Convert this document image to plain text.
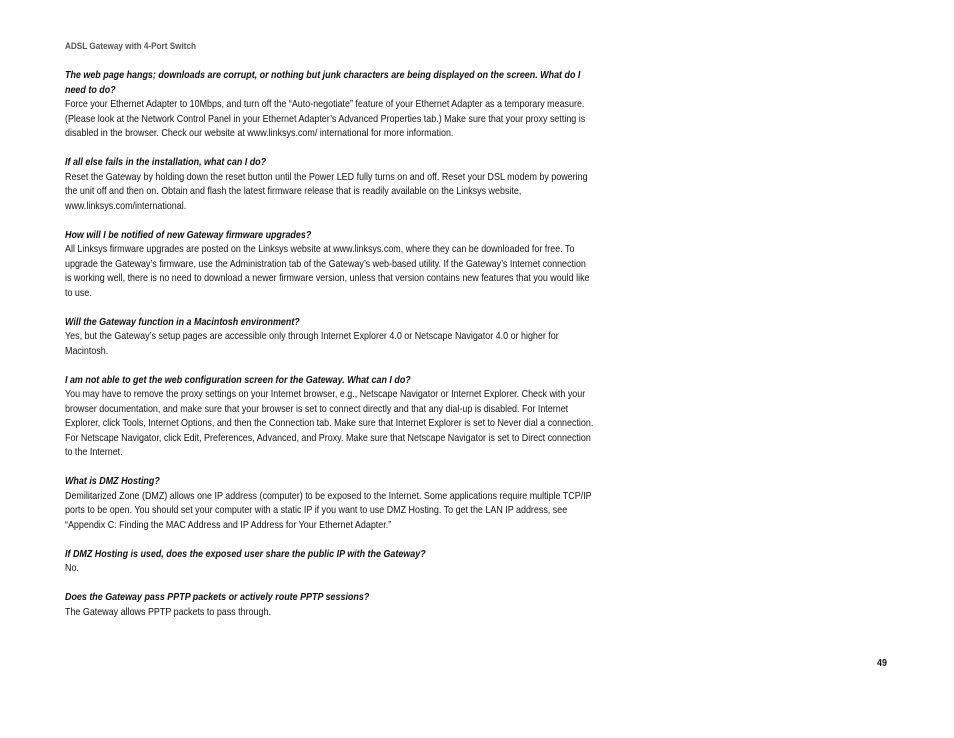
ADSL Gateway with 4-Port Switch

The web page hangs; downloads are corrupt, or nothing but junk characters are being displayed on the screen. What do I need to do?

Force your Ethernet Adapter to 10Mbps, and turn off the “Auto-negotiate” feature of your Ethernet Adapter as a temporary measure. (Please look at the Network Control Panel in your Ethernet Adapter’s Advanced Properties tab.) Make sure that your proxy setting is disabled in the browser. Check our website at www.linksys.com/ international for more information.

If all else fails in the installation, what can I do?

Reset the Gateway by holding down the reset button until the Power LED fully turns on and off. Reset your DSL modem by powering the unit off and then on. Obtain and flash the latest firmware release that is readily available on the Linksys website, www.linksys.com/international.

How will I be notified of new Gateway firmware upgrades?

All Linksys firmware upgrades are posted on the Linksys website at www.linksys.com, where they can be downloaded for free. To upgrade the Gateway’s firmware, use the Administration tab of the Gateway’s web-based utility. If the Gateway’s Internet connection is working well, there is no need to download a newer firmware version, unless that version contains new features that you would like to use.

Will the Gateway function in a Macintosh environment?

Yes, but the Gateway’s setup pages are accessible only through Internet Explorer 4.0 or Netscape Navigator 4.0 or higher for Macintosh.

I am not able to get the web configuration screen for the Gateway. What can I do?

You may have to remove the proxy settings on your Internet browser, e.g., Netscape Navigator or Internet Explorer. Check with your browser documentation, and make sure that your browser is set to connect directly and that any dial-up is disabled. For Internet Explorer, click Tools, Internet Options, and then the Connection tab. Make sure that Internet Explorer is set to Never dial a connection. For Netscape Navigator, click Edit, Preferences, Advanced, and Proxy. Make sure that Netscape Navigator is set to Direct connection to the Internet.

What is DMZ Hosting?

Demilitarized Zone (DMZ) allows one IP address (computer) to be exposed to the Internet. Some applications require multiple TCP/IP ports to be open. You should set your computer with a static IP if you want to use DMZ Hosting. To get the LAN IP address, see “Appendix C: Finding the MAC Address and IP Address for Your Ethernet Adapter.”

If DMZ Hosting is used, does the exposed user share the public IP with the Gateway?

No.

Does the Gateway pass PPTP packets or actively route PPTP sessions?

The Gateway allows PPTP packets to pass through.

49
